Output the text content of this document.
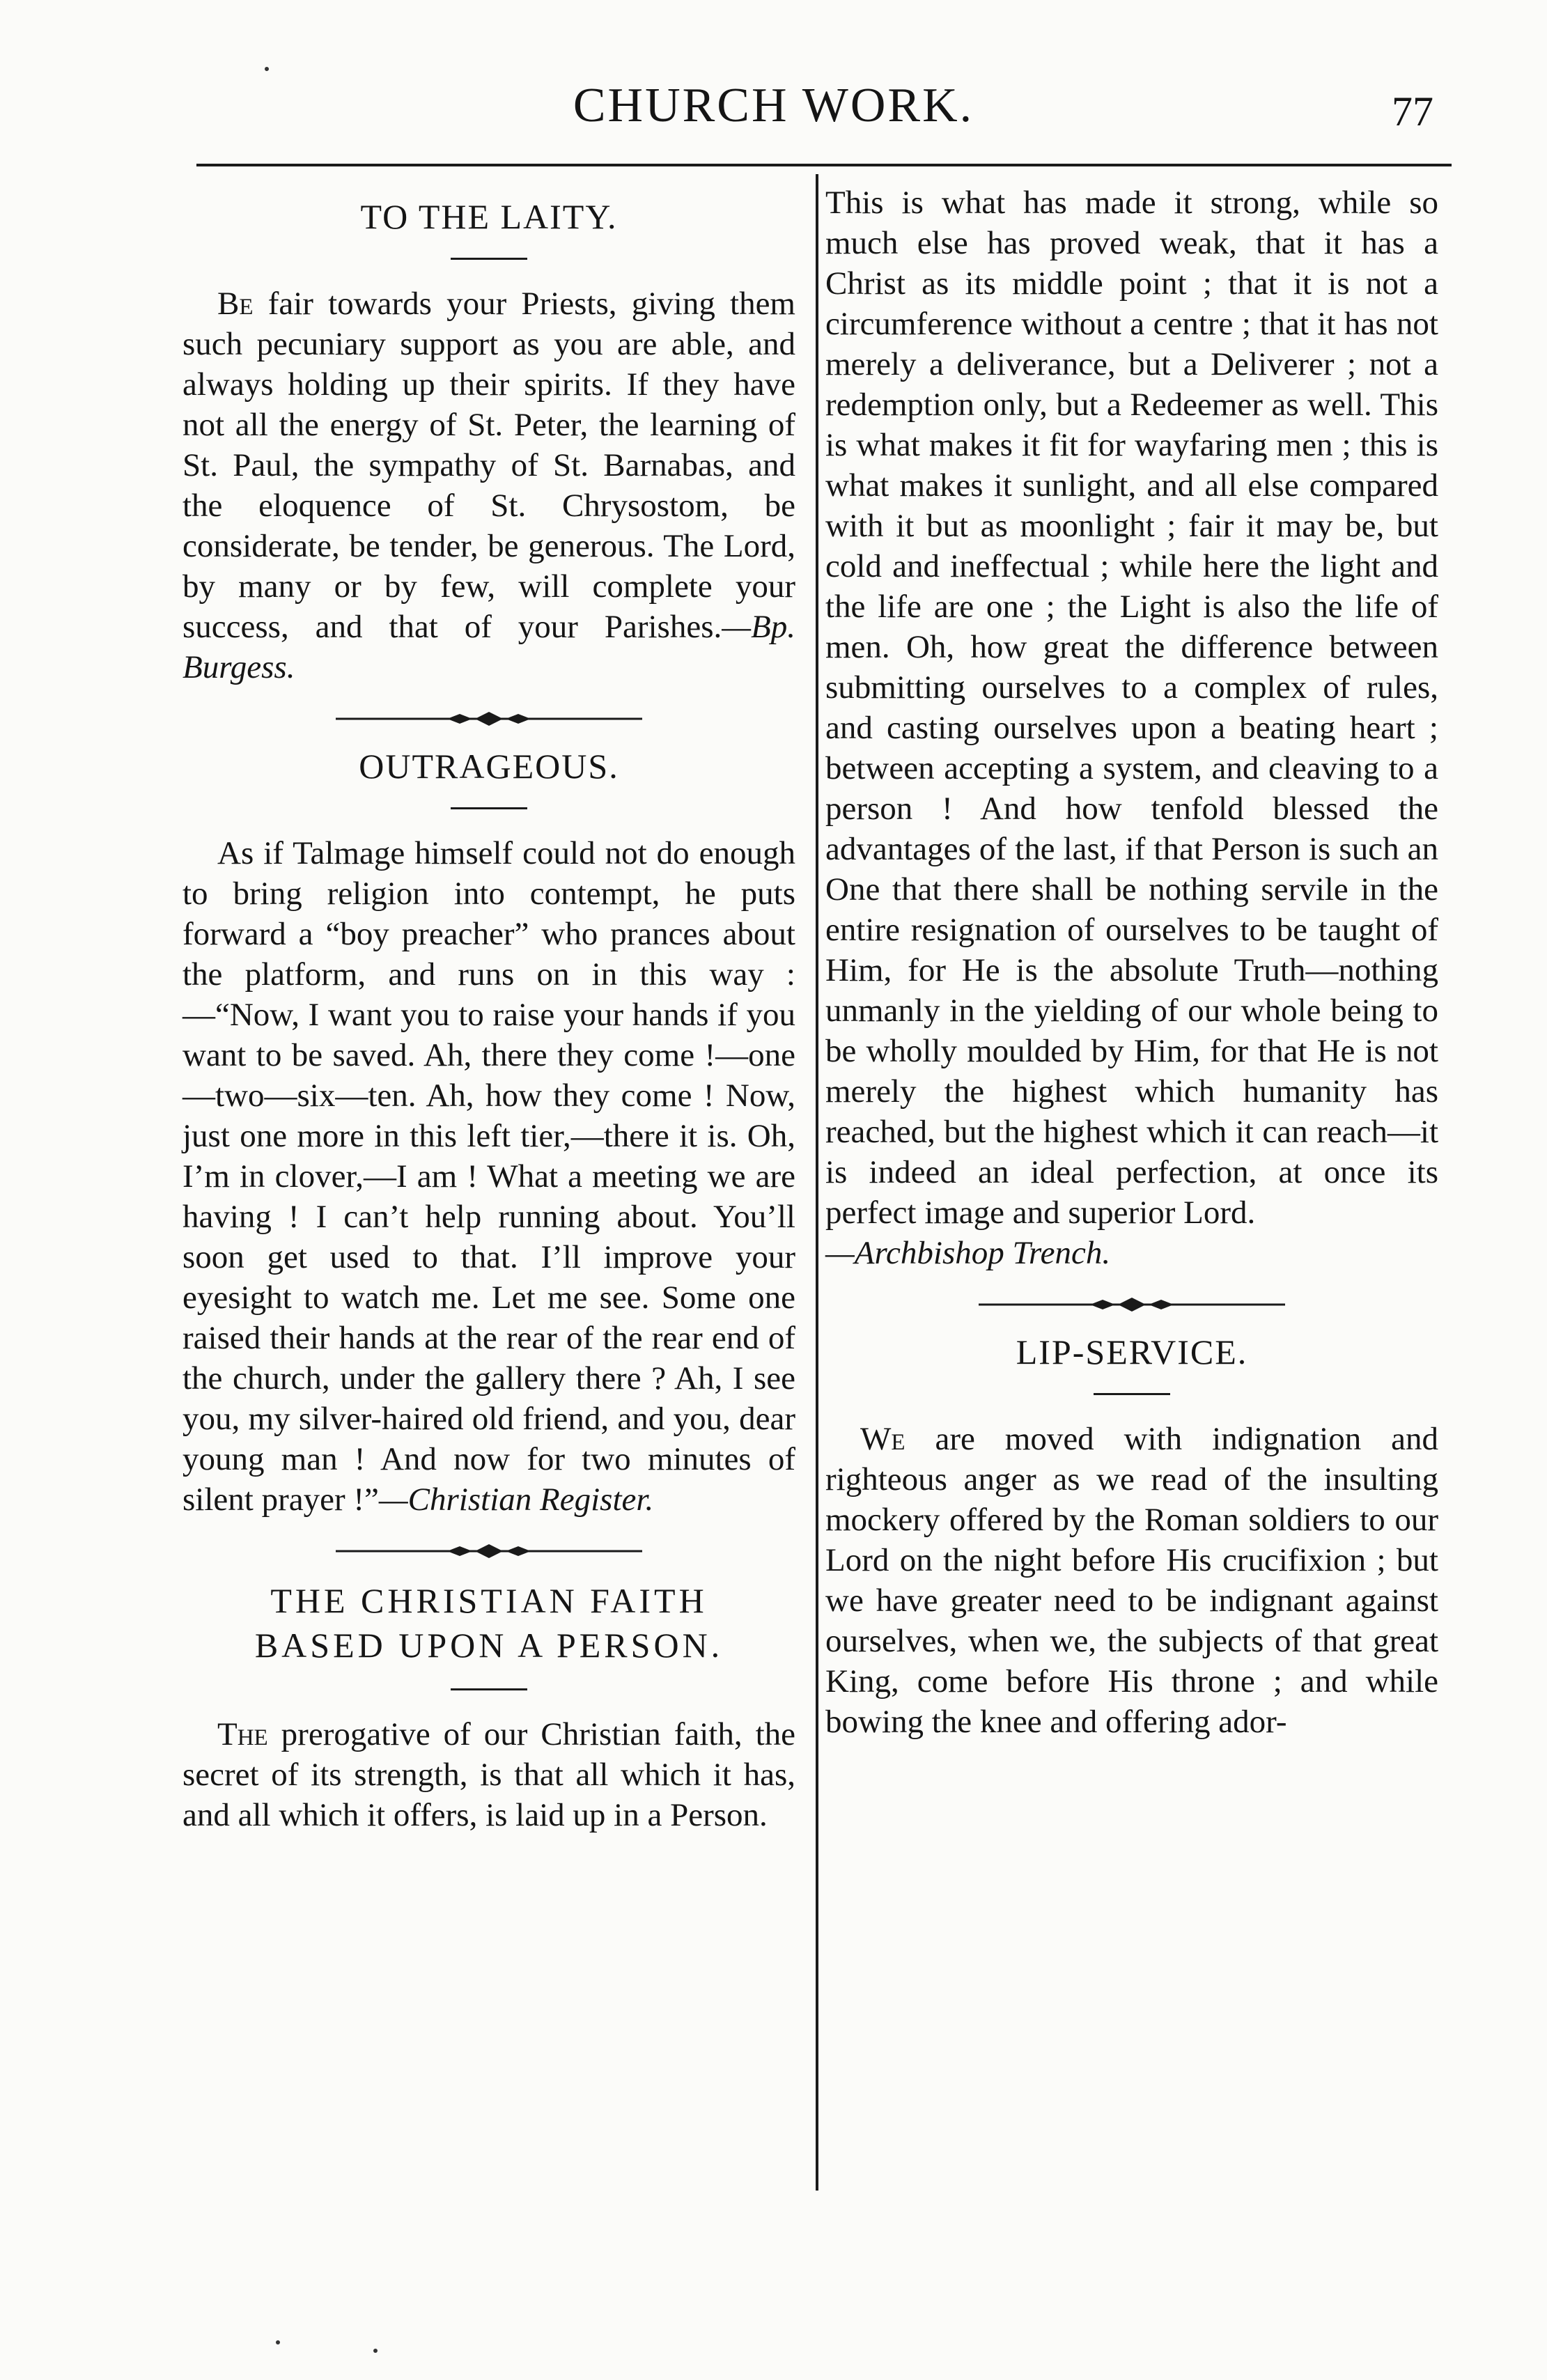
CHURCH WORK.	77
TO THE LAITY.

Be fair towards your Priests, giving them such pecuniary support as you are able, and always holding up their spirits. If they have not all the energy of St. Peter, the learning of St. Paul, the sympathy of St. Barnabas, and the eloquence of St. Chrysostom, be considerate, be tender, be generous. The Lord, by many or by few, will complete your success, and that of your Parishes.—Bp. Burgess.

OUTRAGEOUS.

As if Talmage himself could not do enough to bring religion into contempt, he puts forward a “boy preacher” who prances about the platform, and runs on in this way :—“Now, I want you to raise your hands if you want to be saved. Ah, there they come !—one—two—six—ten. Ah, how they come ! Now, just one more in this left tier,—there it is. Oh, I’m in clover,—I am ! What a meeting we are having ! I can’t help running about. You’ll soon get used to that. I’ll improve your eyesight to watch me. Let me see. Some one raised their hands at the rear of the rear end of the church, under the gallery there ? Ah, I see you, my silver-haired old friend, and you, dear young man ! And now for two minutes of silent prayer !”—Christian Register.

THE CHRISTIAN FAITH
BASED UPON A PERSON.

The prerogative of our Christian faith, the secret of its strength, is that all which it has, and all which it offers, is laid up in a Person.

This is what has made it strong, while so much else has proved weak, that it has a Christ as its middle point ; that it is not a circumference without a centre ; that it has not merely a deliverance, but a Deliverer ; not a redemption only, but a Redeemer as well. This is what makes it fit for wayfaring men ; this is what makes it sunlight, and all else compared with it but as moonlight ; fair it may be, but cold and ineffectual ; while here the light and the life are one ; the Light is also the life of men. Oh, how great the difference between submitting ourselves to a complex of rules, and casting ourselves upon a beating heart ; between accepting a system, and cleaving to a person ! And how tenfold blessed the advantages of the last, if that Person is such an One that there shall be nothing servile in the entire resignation of ourselves to be taught of Him, for He is the absolute Truth—nothing unmanly in the yielding of our whole being to be wholly moulded by Him, for that He is not merely the highest which humanity has reached, but the highest which it can reach—it is indeed an ideal perfection, at once its perfect image and superior Lord.
—Archbishop Trench.

LIP-SERVICE.

We are moved with indignation and righteous anger as we read of the insulting mockery offered by the Roman soldiers to our Lord on the night before His crucifixion ; but we have greater need to be indignant against ourselves, when we, the subjects of that great King, come before His throne ; and while bowing the knee and offering ador-
